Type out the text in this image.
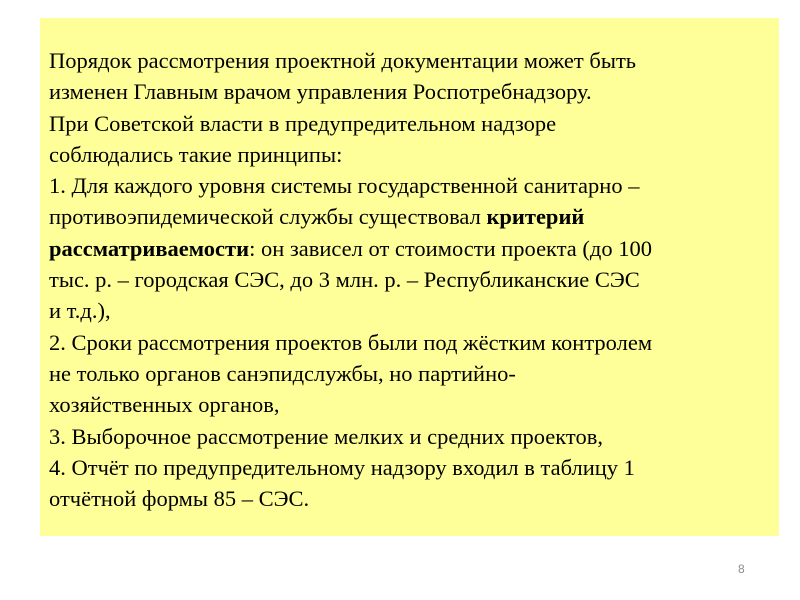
Порядок рассмотрения проектной документации может быть
изменен Главным врачом управления Роспотребнадзору.
При Советской власти в предупредительном надзоре
соблюдались такие принципы:
1. Для каждого уровня системы государственной санитарно –
противоэпидемической службы существовал критерий
рассматриваемости: он зависел от стоимости проекта (до 100
тыс. р. – городская СЭС, до 3 млн. р. – Республиканские СЭС
и т.д.),
2. Сроки рассмотрения проектов были под жёстким контролем
не только органов санэпидслужбы, но партийно-
хозяйственных органов,
3. Выборочное рассмотрение мелких и средних проектов,
4. Отчёт по предупредительному надзору входил в таблицу 1
отчётной формы 85 – СЭС.

8
